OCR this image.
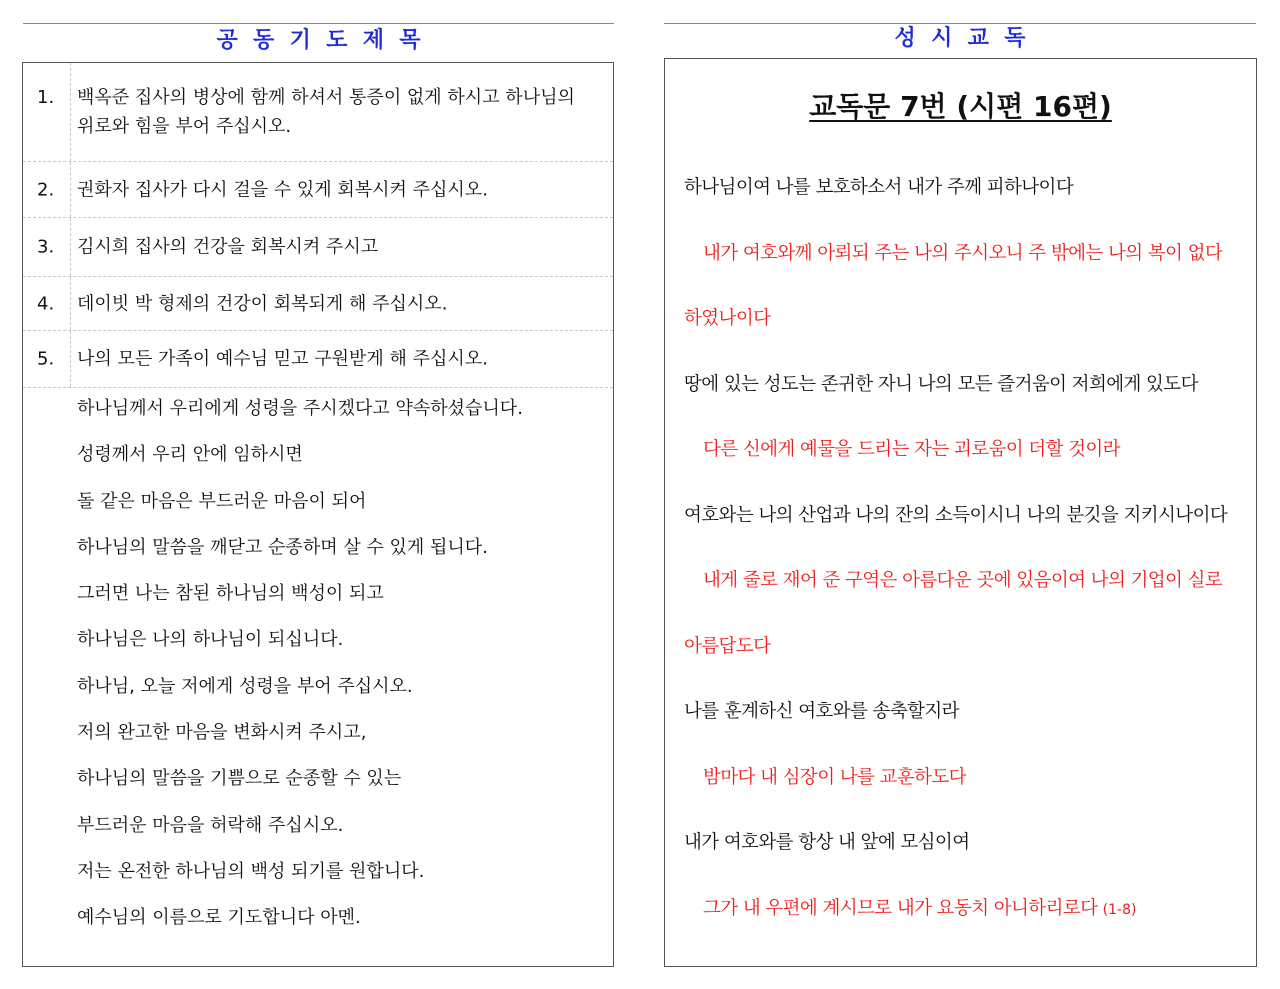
공  동  기  도  제  목
1. 백옥준 집사의 병상에 함께 하셔서 통증이 없게 하시고 하나님의
위로와 힘을 부어 주십시오.
2. 권화자 집사가 다시 걸을 수 있게 회복시켜 주십시오.
3. 김시희 집사의 건강을 회복시켜 주시고
4. 데이빗 박 형제의 건강이 회복되게 해 주십시오.
5. 나의 모든 가족이 예수님 믿고 구원받게 해 주십시오.
하나님께서 우리에게 성령을 주시겠다고 약속하셨습니다.
성령께서 우리 안에 임하시면
돌 같은 마음은 부드러운 마음이 되어
하나님의 말씀을 깨닫고 순종하며 살 수 있게 됩니다.
그러면 나는 참된 하나님의 백성이 되고
하나님은 나의 하나님이 되십니다.
하나님, 오늘 저에게 성령을 부어 주십시오.
저의 완고한 마음을 변화시켜 주시고,
하나님의 말씀을 기쁨으로 순종할 수 있는
부드러운 마음을 허락해 주십시오.
저는 온전한 하나님의 백성 되기를 원합니다.
예수님의 이름으로 기도합니다 아멘.
성  시  교  독
교독문 7번 (시편 16편)
하나님이여 나를 보호하소서 내가 주께 피하나이다
내가 여호와께 아뢰되 주는 나의 주시오니 주 밖에는 나의 복이 없다
하였나이다
땅에 있는 성도는 존귀한 자니 나의 모든 즐거움이 저희에게 있도다
다른 신에게 예물을 드리는 자는 괴로움이 더할 것이라
여호와는 나의 산업과 나의 잔의 소득이시니 나의 분깃을 지키시나이다
내게 줄로 재어 준 구역은 아름다운 곳에 있음이여 나의 기업이 실로
아름답도다
나를 훈계하신 여호와를 송축할지라
밤마다 내 심장이 나를 교훈하도다
내가 여호와를 항상 내 앞에 모심이여
그가 내 우편에 계시므로 내가 요동치 아니하리로다 (1-8)
